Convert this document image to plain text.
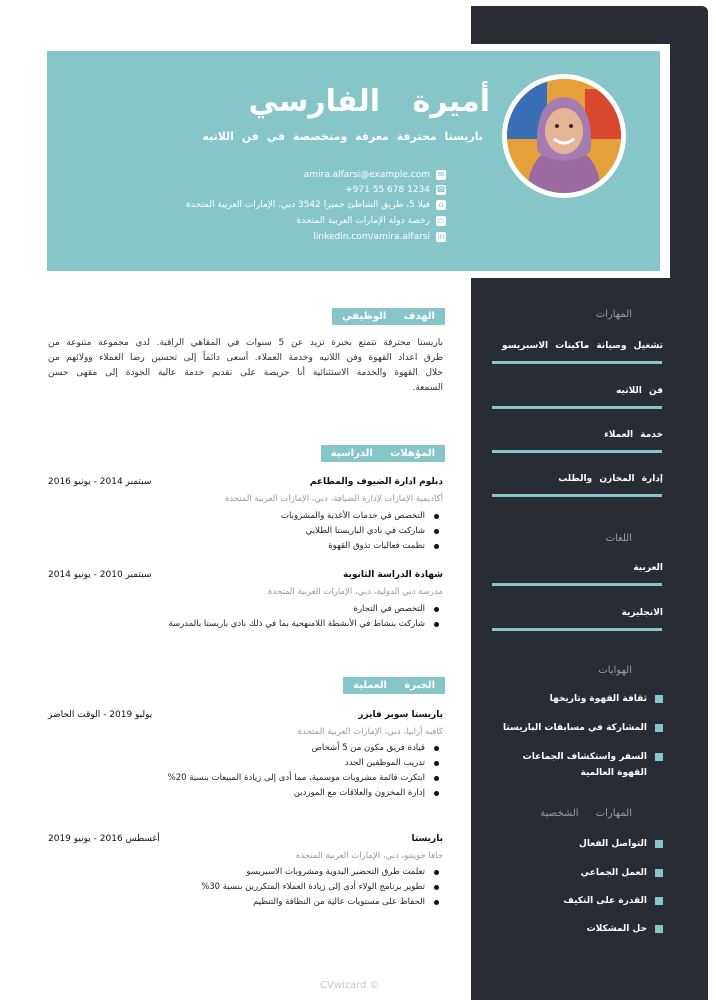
أميرة الفارسي
باريستا محترفة معرفة ومتخصصة في فن اللاتيه
✉
amira.alfarsi@example.com
☎
+971 55 678 1234
⌂
فيلا 5، طريق الشاطئ جميرا 3542 دبي، الإمارات العربية المتحدة
▭
رخصة دولة الإمارات العربية المتحدة
in
linkedin.com/amira.alfarsi
الهدف الوظيفي
باريستا محترفة تتمتع بخبرة تزيد عن 5 سنوات في المقاهي الراقية. لدي مجموعة متنوعة من طرق اعداد القهوة وفن اللاتيه وخدمة العملاء. أسعى دائماً إلى تحسين رضا العملاء وولائهم من خلال القهوة والخدمة الاستثنائية أنا حريصة على تقديم خدمة عالية الجودة إلى مقهى حسن السمعة.
المؤهلات الدراسية
دبلوم ادارة الضيوف والمطاعم
سبتمبر 2014 - يونيو 2016
أكاديمية الإمارات لإدارة الضيافة، دبي، الإمارات العربية المتحدة
التخصص في خدمات الأغذية والمشروبات
شاركت في نادي الباريستا الطلابي
نظمت فعاليات تذوق القهوة
شهادة الدراسة الثانوية
سبتمبر 2010 - يونيو 2014
مدرسة دبي الدولية، دبي، الإمارات العربية المتحدة
التخصص في التجارة
شاركت بنشاط في الأنشطة اللامنهجية بما في ذلك نادي باريستا بالمدرسة
الخبرة العملية
باريستا سوبر فايزر
يوليو 2019 - الوقت الحاضر
كافيه أرابيا، دبي، الإمارات العربية المتحدة
قيادة فريق مكون من 5 أشخاص
تدريب الموظفين الجدد
ابتكرت قائمة مشروبات موسمية، مما أدى إلى زيادة المبيعات بنسبة 20%
إدارة المخزون والعلاقات مع الموردين
باريستا
أغسطس 2016 - يونيو 2019
جافا جوينتو، دبي، الإمارات العربية المتحدة
تعلمت طرق التحضير اليدوية ومشروبات الاسبريسو
تطوير برنامج الولاء أدى إلى زيادة العملاء المتكررين بنسبة 30%
الحفاظ على مستويات عالية من النظافة والتنظيم
المهارات
تشغيل وصيانة ماكينات الاسبريسو
فن اللاتيه
خدمة العملاء
إدارة المخازن والطلب
اللغات
العربية
الانجليزية
الهوايات
ثقافة القهوة وتاريخها
المشاركة في مسابقات الباريستا
السفر واستكشاف الجماعات القهوة العالمية
المهارات الشخصية
التواصل الفعال
العمل الجماعي
القدرة على التكيف
حل المشكلات
CVwizard ©
